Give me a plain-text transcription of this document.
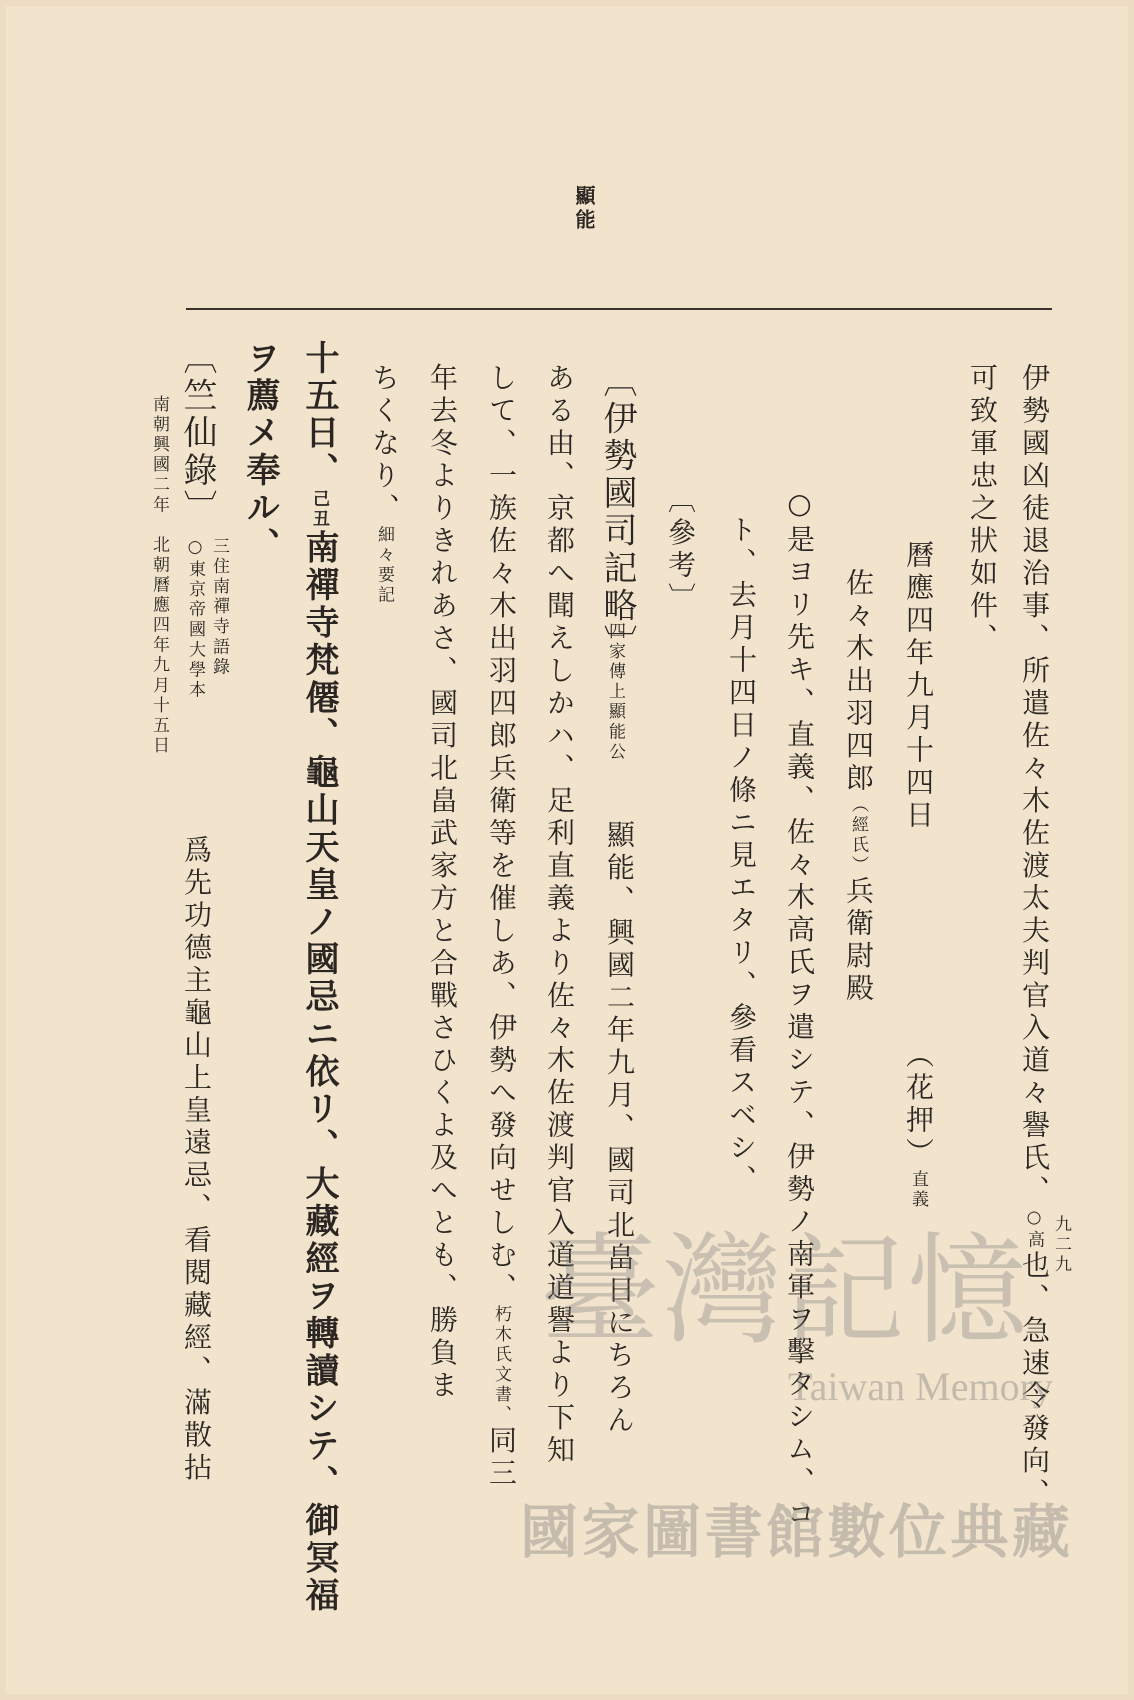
顯能
九二九
南朝興國二年　北朝曆應四年九月十五日	伊勢國凶徒退治事、所遣佐々木佐渡太夫判官入道々譽氏、○高也、急速令發向、
可致軍忠之狀如件、
曆應四年九月十四日
（花押）直義
佐々木出羽四郎（經氏）兵衛尉殿
○是ヨリ先キ、直義、佐々木高氏ヲ遣シテ、伊勢ノ南軍ヲ擊タシム、コ
ト、去月十四日ノ條ニ見エタリ、參看スベシ、
〔參考〕
〔伊勢國司記略〕
四家傳上顯能公
顯能、興國二年九月、國司北畠日にちろん
ある由、京都へ聞えしかハ、足利直義より佐々木佐渡判官入道道譽より下知
して、一族佐々木出羽四郎兵衛等を催しあ、伊勢へ發向せしむ、朽木氏文書、同三
年去冬よりきれあさ、國司北畠武家方と合戰さひくよ及へとも、勝負ま
ちくなり、細々要記
十五日、己丑南禪寺梵僊、龜山天皇ノ國忌ニ依リ、大藏經ヲ轉讀シテ、御冥福
ヲ薦メ奉ル、
〔竺仙錄〕
三住南禪寺語錄
○東京帝國大學本
爲先功德主龜山上皇遠忌、看閱藏經、滿散拈	臺灣記憶
Taiwan Memory
國家圖書館數位典藏
